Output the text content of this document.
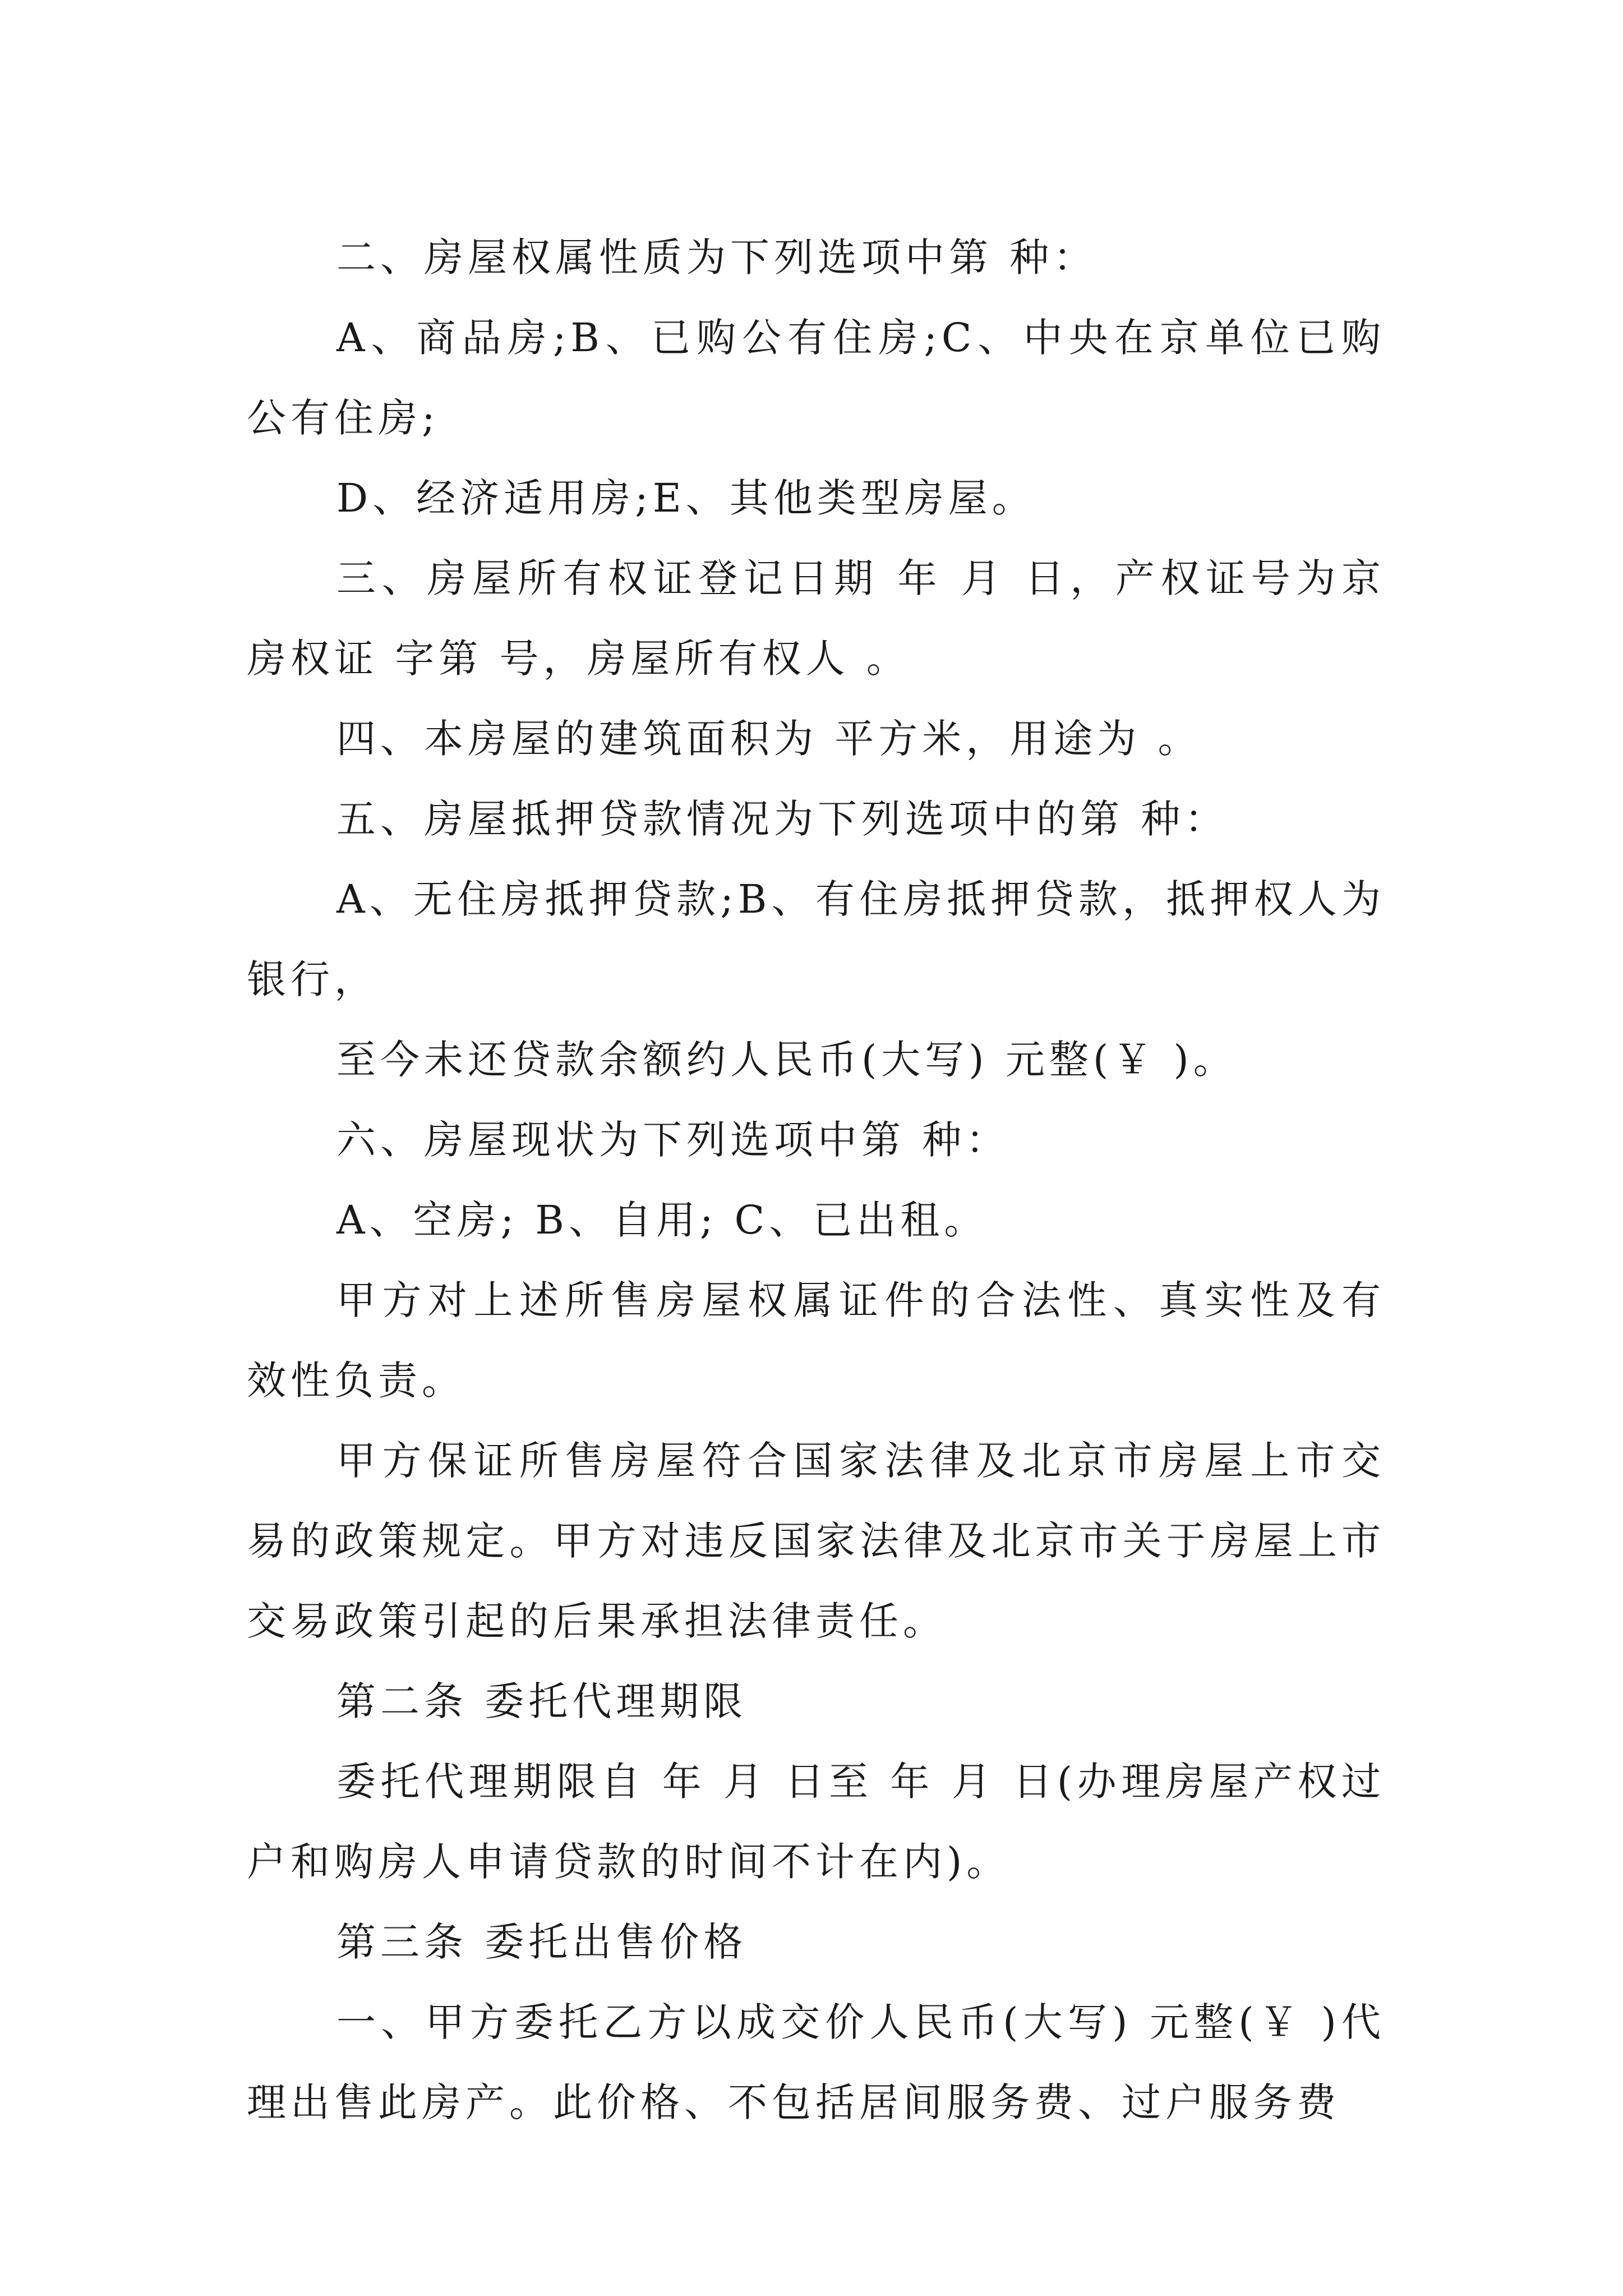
二、房屋权属性质为下列选项中第 种：

A、商品房;B、已购公有住房;C、中央在京单位已购公有住房;

D、经济适用房;E、其他类型房屋。

三、房屋所有权证登记日期 年 月 日，产权证号为京房权证 字第 号，房屋所有权人 。

四、本房屋的建筑面积为 平方米，用途为 。

五、房屋抵押贷款情况为下列选项中的第 种：

A、无住房抵押贷款;B、有住房抵押贷款，抵押权人为银行，

至今未还贷款余额约人民币(大写) 元整(￥ )。

六、房屋现状为下列选项中第 种：

A、空房; B、自用; C、已出租。

甲方对上述所售房屋权属证件的合法性、真实性及有效性负责。

甲方保证所售房屋符合国家法律及北京市房屋上市交易的政策规定。甲方对违反国家法律及北京市关于房屋上市交易政策引起的后果承担法律责任。

第二条 委托代理期限

委托代理期限自 年 月 日至 年 月 日(办理房屋产权过户和购房人申请贷款的时间不计在内)。

第三条 委托出售价格

一、甲方委托乙方以成交价人民币(大写) 元整(￥ )代理出售此房产。此价格、不包括居间服务费、过户服务费
